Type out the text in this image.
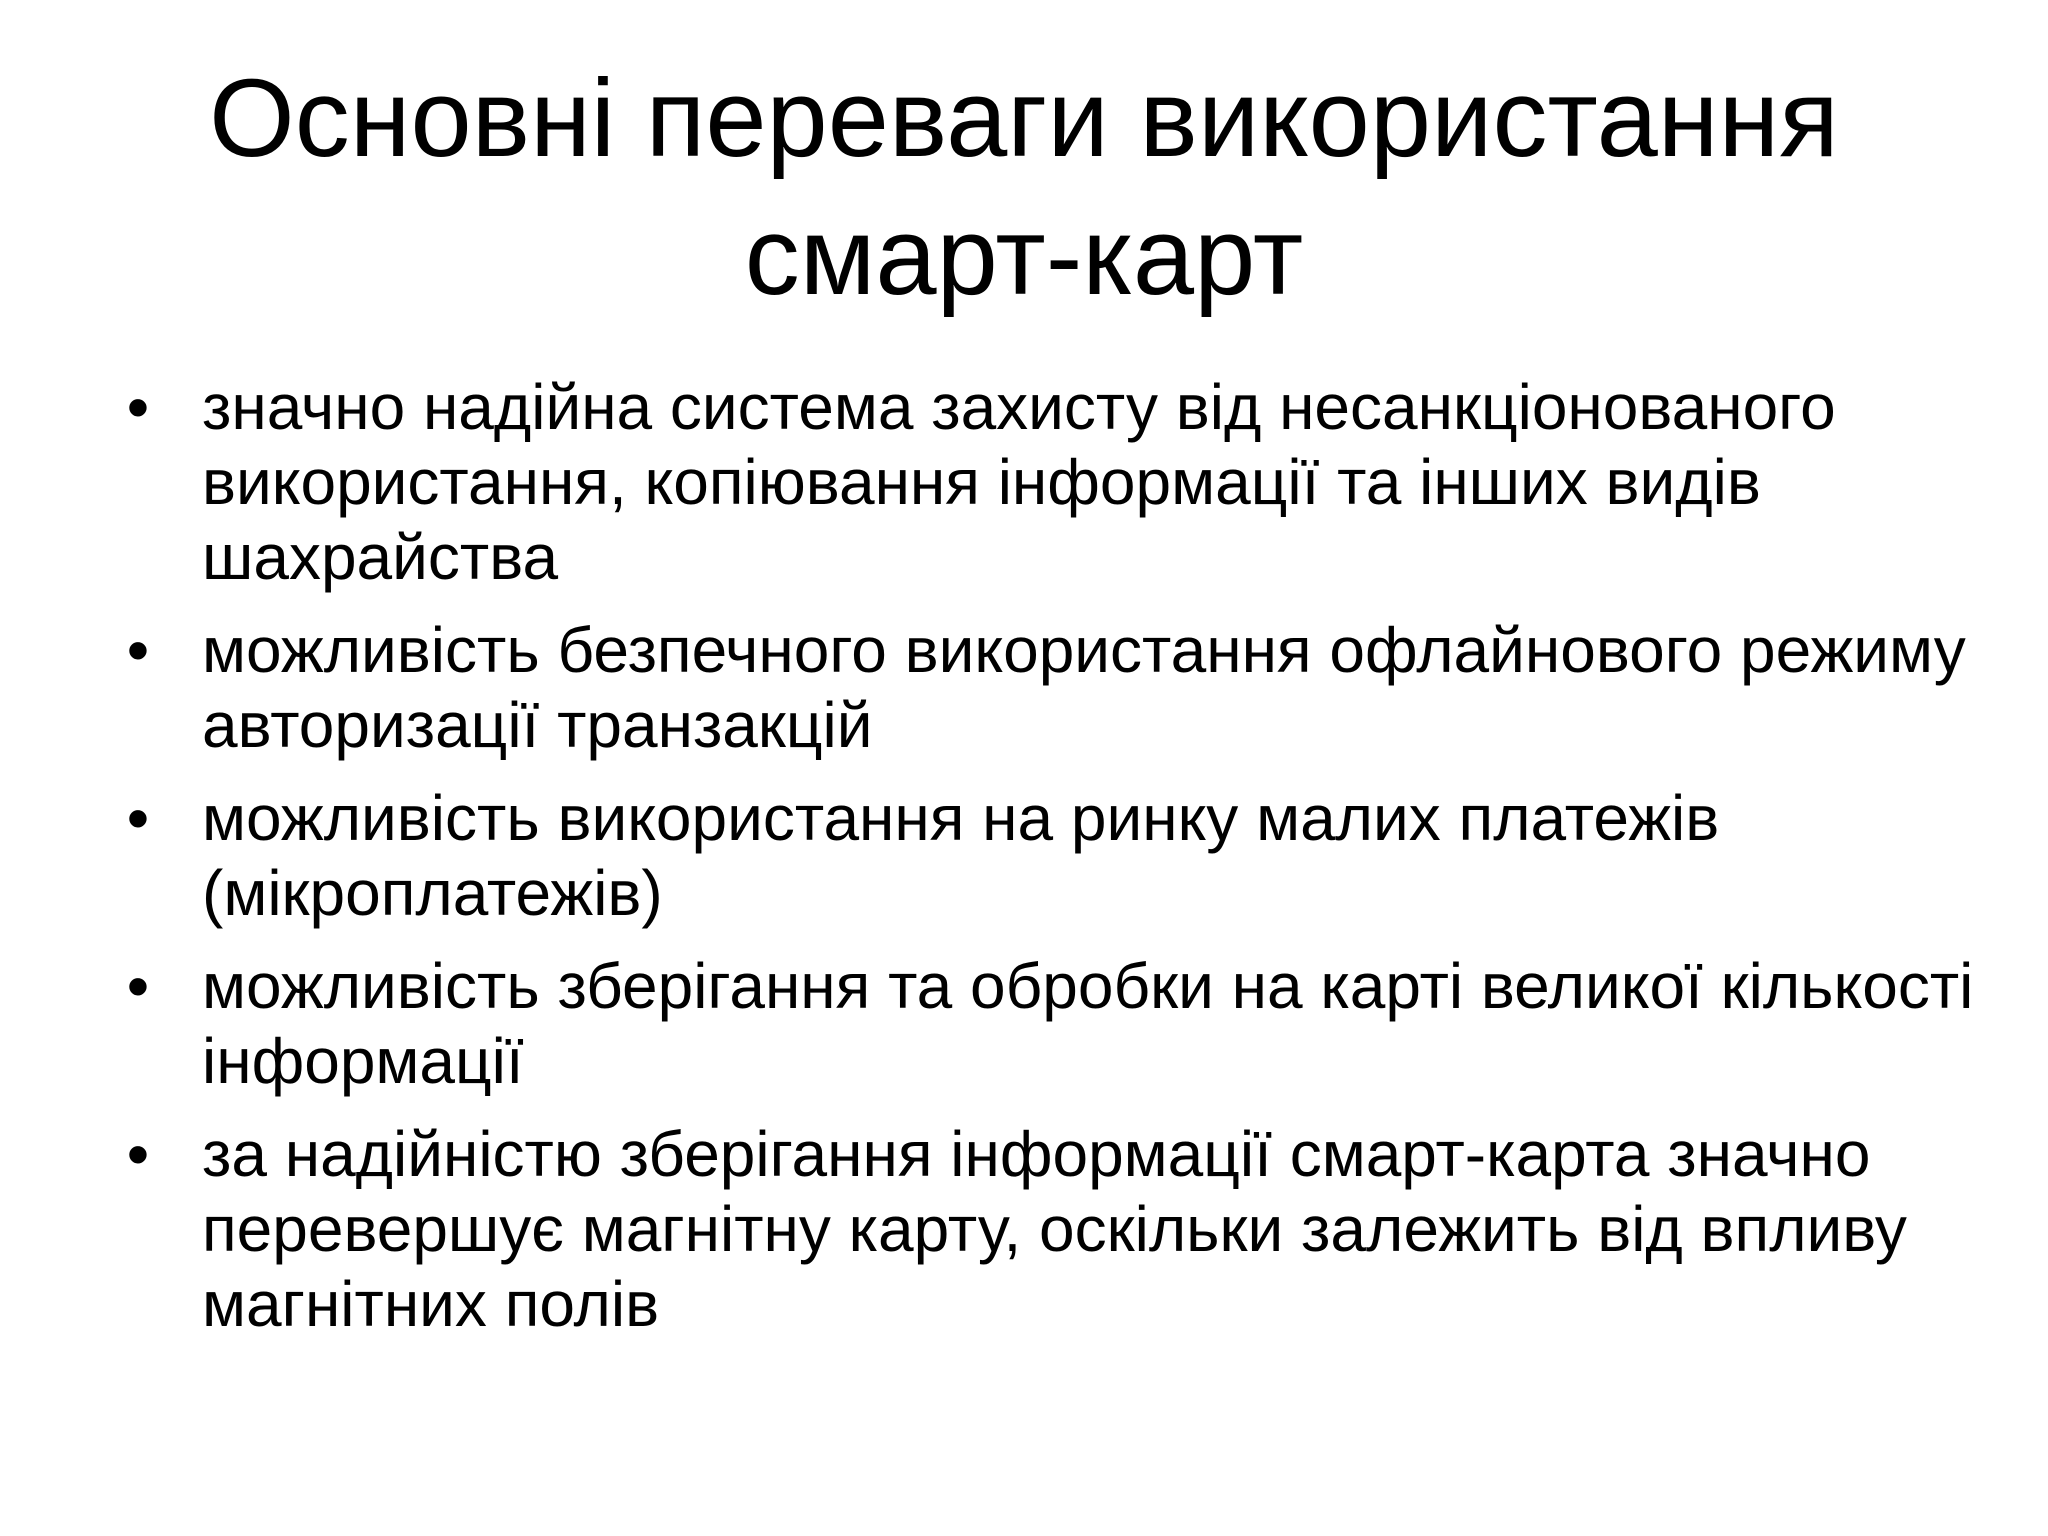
Основні переваги використання смарт-карт
• значно надійна система захисту від несанкціонованого використання, копіювання інформації та інших видів шахрайства
• можливість безпечного використання офлайнового режиму авторизації транзакцій
• можливість використання на ринку малих платежів (мікроплатежів)
• можливість зберігання та обробки на карті великої кількості інформації
• за надійністю зберігання інформації смарт-карта значно перевершує магнітну карту, оскільки залежить від впливу магнітних полів
